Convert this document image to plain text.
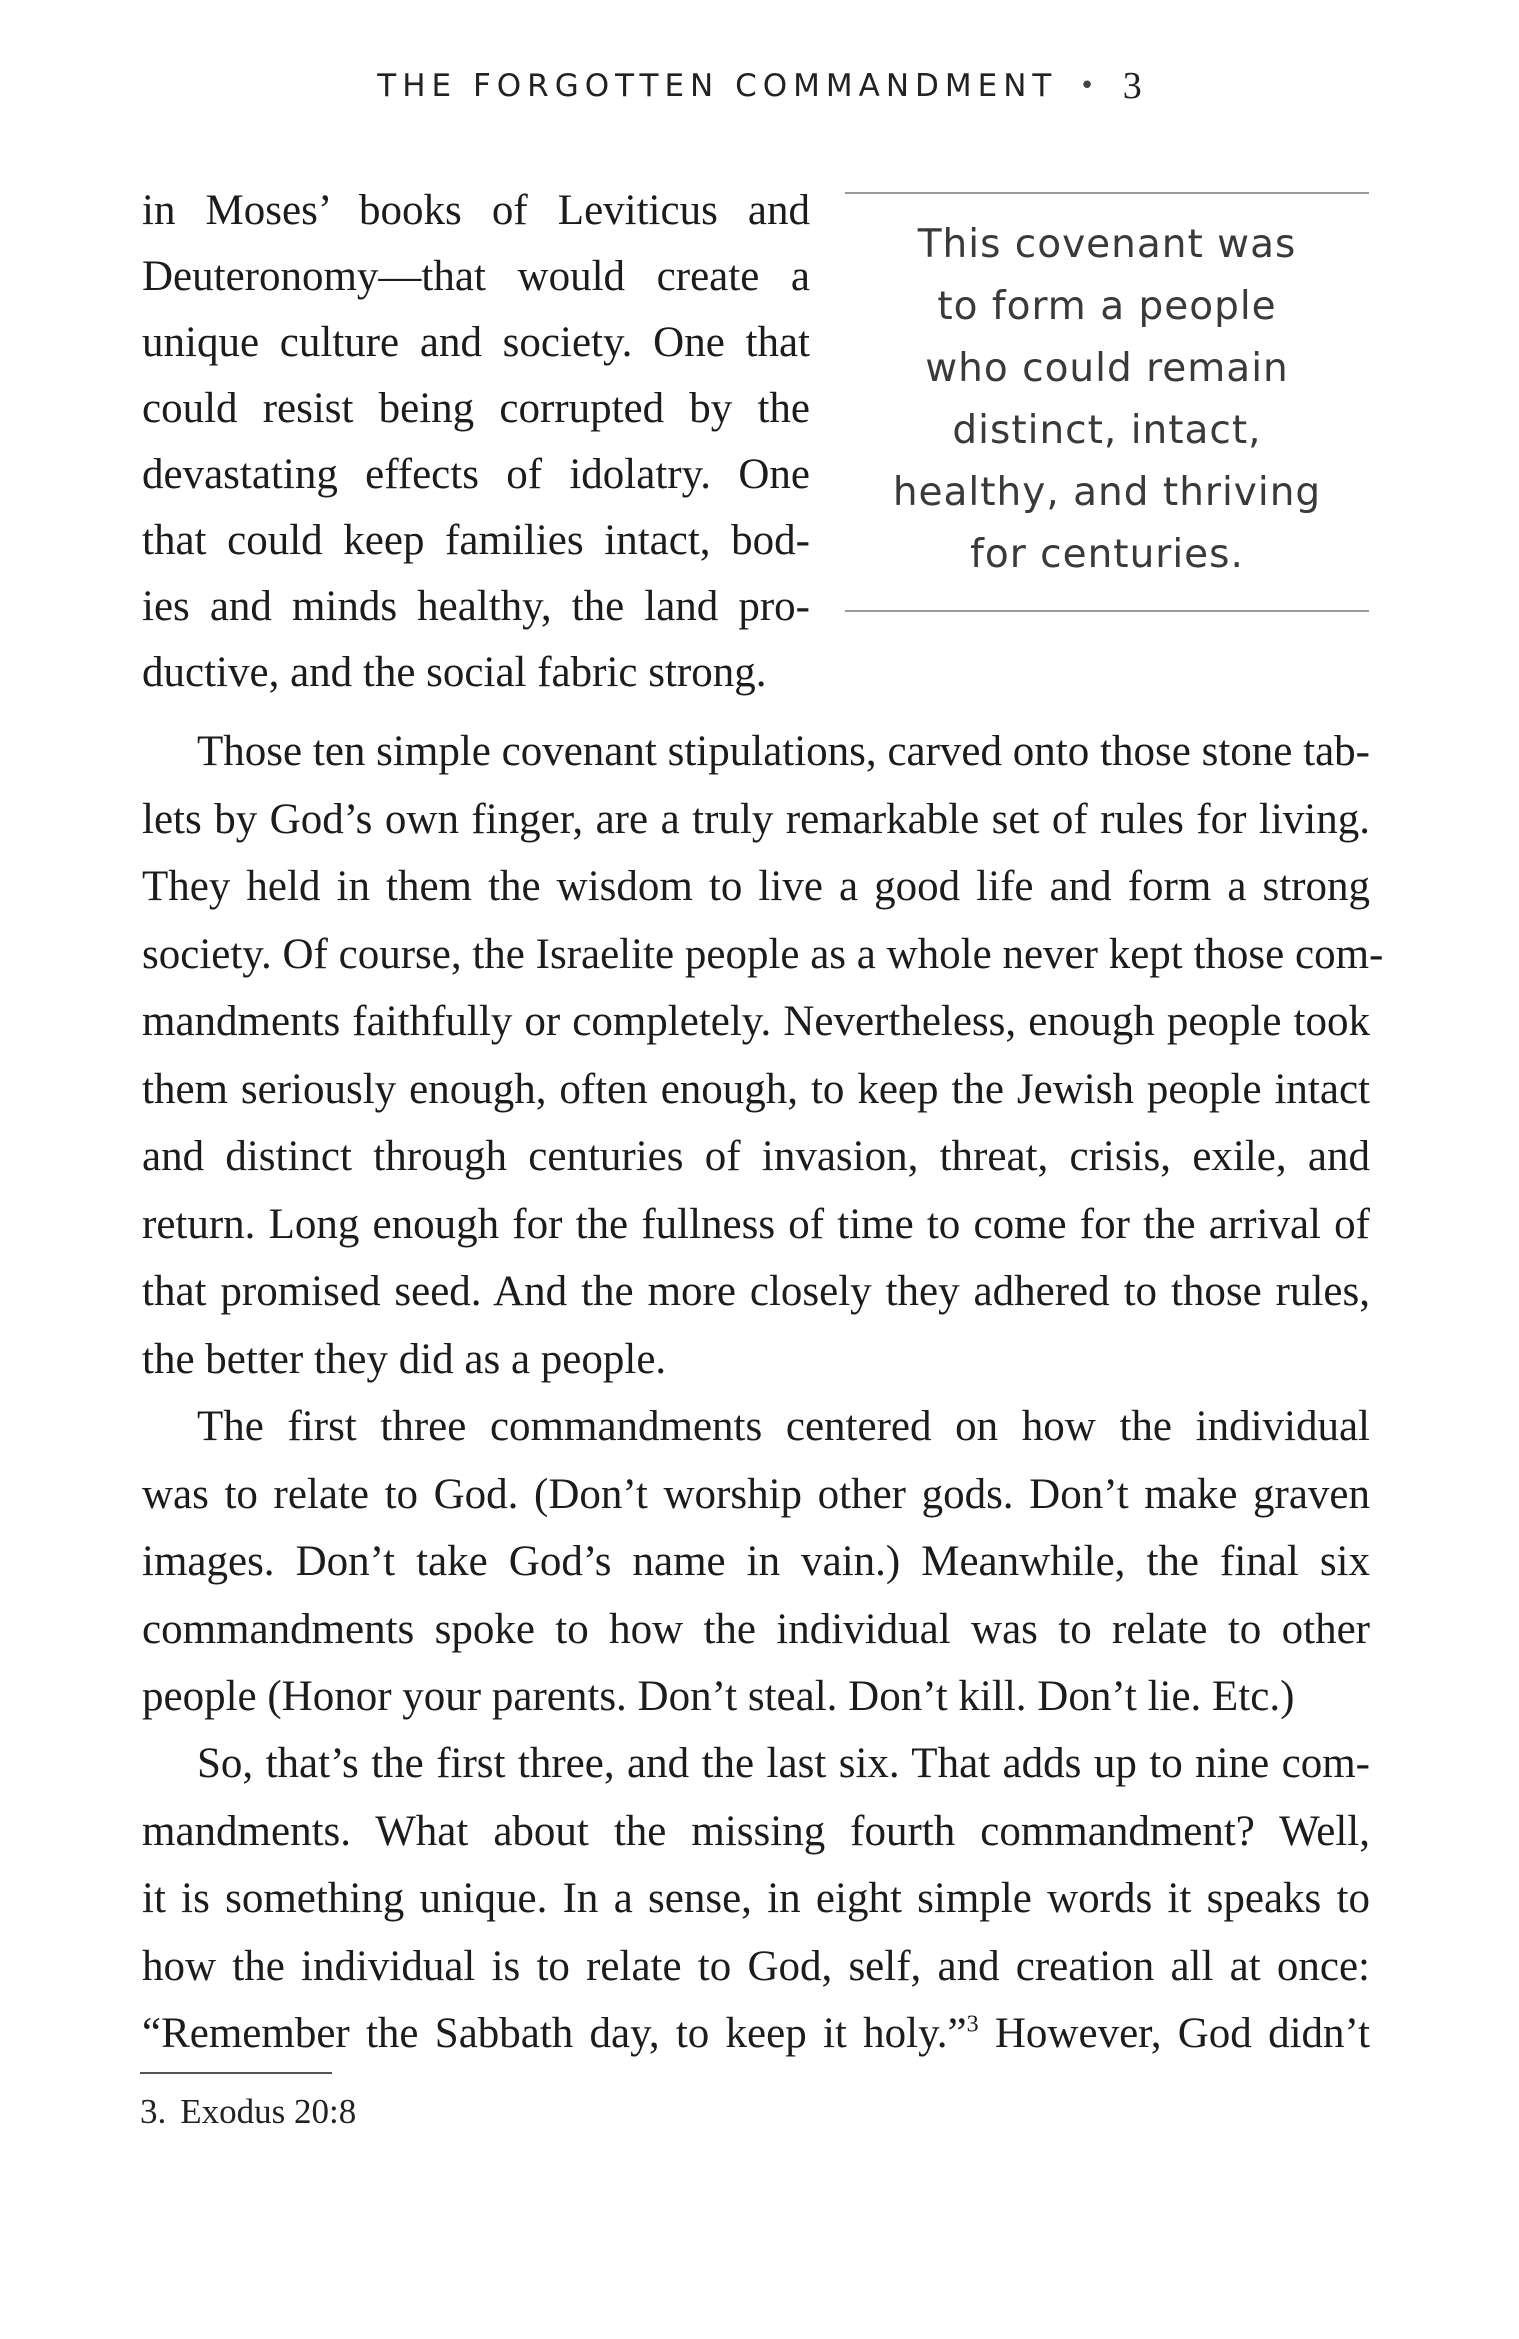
THE FORGOTTEN COMMANDMENT • 3
This covenant was
to form a people
who could remain
distinct, intact,
healthy, and thriving
for centuries.
in Moses’ books of Leviticus and
Deuteronomy—that would create a
unique culture and society. One that
could resist being corrupted by the
devastating effects of idolatry. One
that could keep families intact, bod-
ies and minds healthy, the land pro-
ductive, and the social fabric strong.
Those ten simple covenant stipulations, carved onto those stone tab-
lets by God’s own finger, are a truly remarkable set of rules for living.
They held in them the wisdom to live a good life and form a strong
society. Of course, the Israelite people as a whole never kept those com-
mandments faithfully or completely. Nevertheless, enough people took
them seriously enough, often enough, to keep the Jewish people intact
and distinct through centuries of invasion, threat, crisis, exile, and
return. Long enough for the fullness of time to come for the arrival of
that promised seed. And the more closely they adhered to those rules,
the better they did as a people.
The first three commandments centered on how the individual
was to relate to God. (Don’t worship other gods. Don’t make graven
images. Don’t take God’s name in vain.) Meanwhile, the final six
commandments spoke to how the individual was to relate to other
people (Honor your parents. Don’t steal. Don’t kill. Don’t lie. Etc.)
So, that’s the first three, and the last six. That adds up to nine com-
mandments. What about the missing fourth commandment? Well,
it is something unique. In a sense, in eight simple words it speaks to
how the individual is to relate to God, self, and creation all at once:
“Remember the Sabbath day, to keep it holy.”$^3$ However, God didn’t
3. Exodus 20:8
